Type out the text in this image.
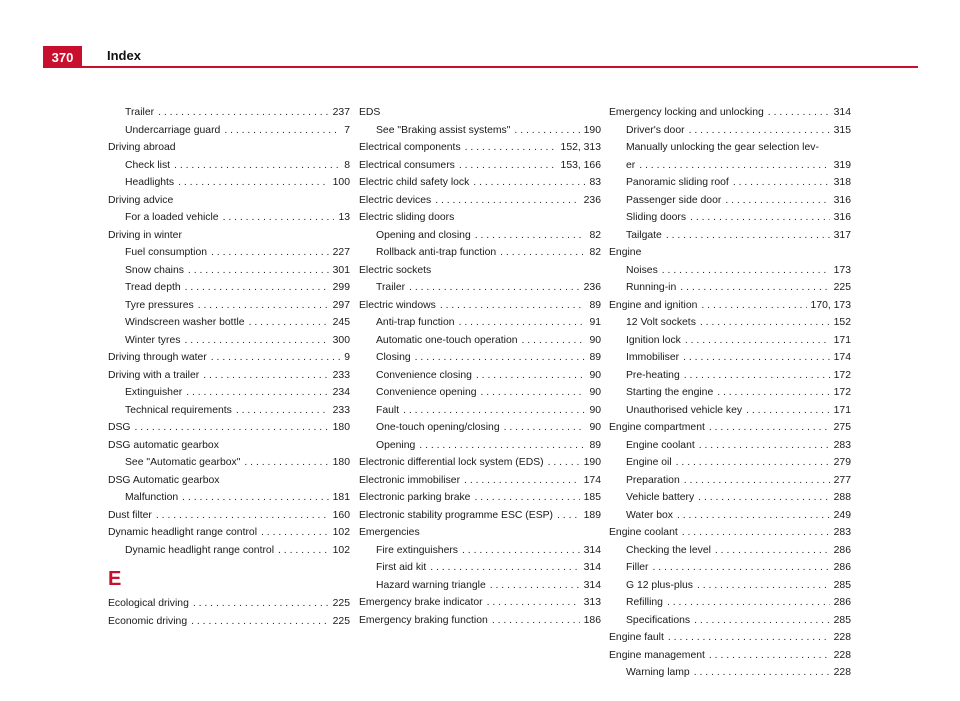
370	Index
Trailer . . .	237
Undercarriage guard . . .	7
Driving abroad
Check list . . .	8
Headlights . . .	100
Driving advice
For a loaded vehicle . . .	13
Driving in winter
Fuel consumption . . .	227
Snow chains . . .	301
Tread depth . . .	299
Tyre pressures . . .	297
Windscreen washer bottle . . .	245
Winter tyres . . .	300
Driving through water . . .	9
Driving with a trailer . . .	233
Extinguisher . . .	234
Technical requirements . . .	233
DSG . . .	180
DSG automatic gearbox
See "Automatic gearbox" . . .	180
DSG Automatic gearbox
Malfunction . . .	181
Dust filter . . .	160
Dynamic headlight range control . . .	102
Dynamic headlight range control . . .	102
E
Ecological driving . . .	225
Economic driving . . .	225
EDS
See "Braking assist systems" . . .	190
Electrical components . . .	152, 313
Electrical consumers . . .	153, 166
Electric child safety lock . . .	83
Electric devices . . .	236
Electric sliding doors
Opening and closing . . .	82
Rollback anti-trap function . . .	82
Electric sockets
Trailer . . .	236
Electric windows . . .	89
Anti-trap function . . .	91
Automatic one-touch operation . . .	90
Closing . . .	89
Convenience closing . . .	90
Convenience opening . . .	90
Fault . . .	90
One-touch opening/closing . . .	90
Opening . . .	89
Electronic differential lock system (EDS) . . .	190
Electronic immobiliser . . .	174
Electronic parking brake . . .	185
Electronic stability programme ESC (ESP) . . .	189
Emergencies
Fire extinguishers . . .	314
First aid kit . . .	314
Hazard warning triangle . . .	314
Emergency brake indicator . . .	313
Emergency braking function . . .	186
Emergency locking and unlocking . . .	314
Driver's door . . .	315
Manually unlocking the gear selection lev-
er . . .	319
Panoramic sliding roof . . .	318
Passenger side door . . .	316
Sliding doors . . .	316
Tailgate . . .	317
Engine
Noises . . .	173
Running-in . . .	225
Engine and ignition . . .	170, 173
12 Volt sockets . . .	152
Ignition lock . . .	171
Immobiliser . . .	174
Pre-heating . . .	172
Starting the engine . . .	172
Unauthorised vehicle key . . .	171
Engine compartment . . .	275
Engine coolant . . .	283
Engine oil . . .	279
Preparation . . .	277
Vehicle battery . . .	288
Water box . . .	249
Engine coolant . . .	283
Checking the level . . .	286
Filler . . .	286
G 12 plus-plus . . .	285
Refilling . . .	286
Specifications . . .	285
Engine fault . . .	228
Engine management . . .	228
Warning lamp . . .	228
